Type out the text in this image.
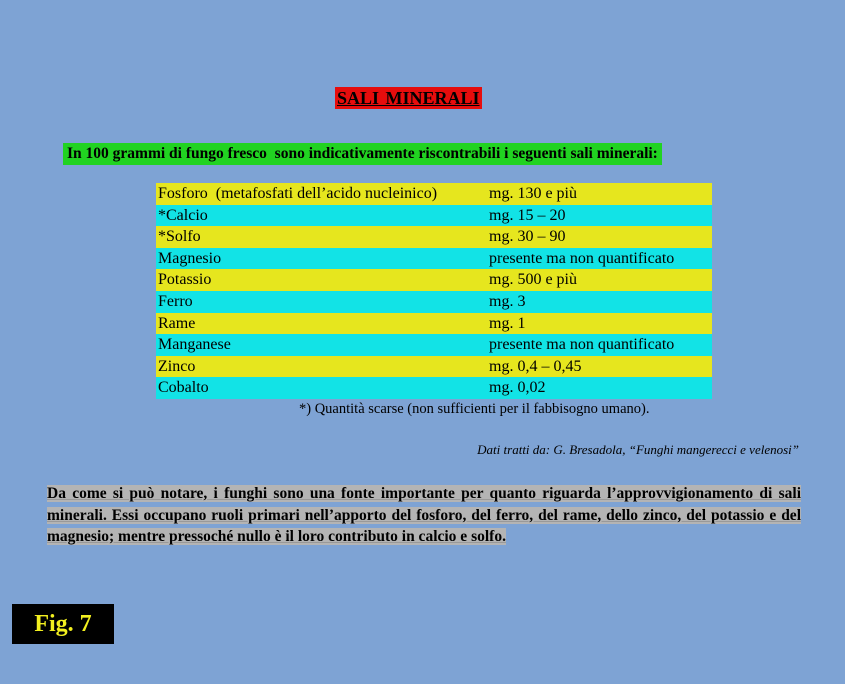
SALI MINERALI
In 100 grammi di fungo fresco  sono indicativamente riscontrabili i seguenti sali minerali:
Fosforo  (metafosfati dell’acido nucleinico)	mg. 130 e più
*Calcio	mg. 15 – 20
*Solfo	mg. 30 – 90
Magnesio	presente ma non quantificato
Potassio	mg. 500 e più
Ferro	mg. 3
Rame	mg. 1
Manganese	presente ma non quantificato
Zinco	mg. 0,4 – 0,45
Cobalto	mg. 0,02
*) Quantità scarse (non sufficienti per il fabbisogno umano).
Dati tratti da: G. Bresadola, “Funghi mangerecci e velenosi”
Da come si può notare, i funghi sono una fonte importante per quanto riguarda l’approvvigionamento di sali minerali. Essi occupano ruoli primari nell’apporto del fosforo, del ferro, del rame, dello zinco, del potassio e del magnesio; mentre pressoché nullo è il loro contributo in calcio e solfo.
Fig. 7
